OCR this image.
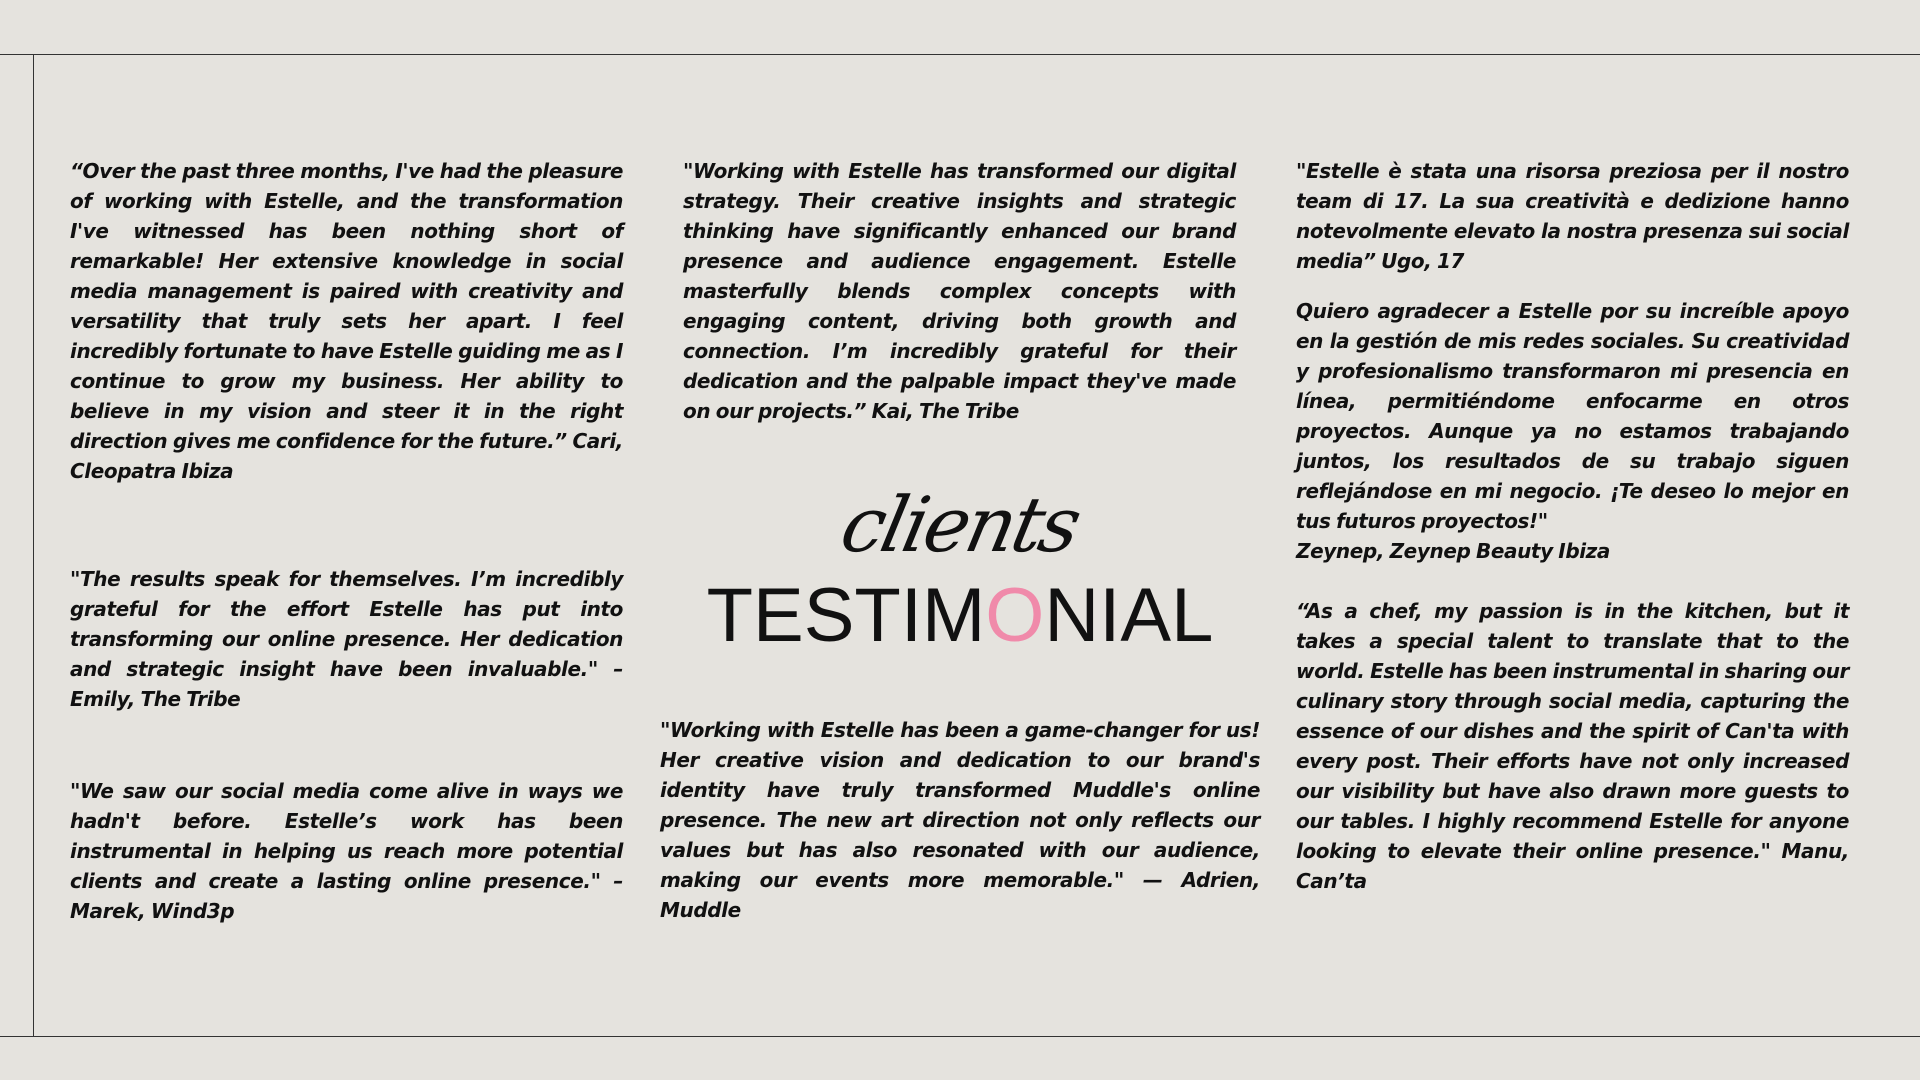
“Over the past three months, I've had the pleasure of working with Estelle, and the transformation I've witnessed has been nothing short of remarkable! Her extensive knowledge in social media management is paired with creativity and versatility that truly sets her apart. I feel incredibly fortunate to have Estelle guiding me as I continue to grow my business. Her ability to believe in my vision and steer it in the right direction gives me confidence for the future.” Cari, Cleopatra Ibiza

"The results speak for themselves. I’m incredibly grateful for the effort Estelle has put into transforming our online presence. Her dedication and strategic insight have been invaluable." – Emily, The Tribe

"We saw our social media come alive in ways we hadn't before. Estelle’s work has been instrumental in helping us reach more potential clients and create a lasting online presence." – Marek, Wind3p

"Working with Estelle has transformed our digital strategy. Their creative insights and strategic thinking have significantly enhanced our brand presence and audience engagement. Estelle masterfully blends complex concepts with engaging content, driving both growth and connection. I’m incredibly grateful for their dedication and the palpable impact they've made on our projects.” Kai, The Tribe

clients
TESTIMONIAL

"Working with Estelle has been a game-changer for us! Her creative vision and dedication to our brand's identity have truly transformed Muddle's online presence. The new art direction not only reflects our values but has also resonated with our audience, making our events more memorable." — Adrien, Muddle

"Estelle è stata una risorsa preziosa per il nostro team di 17. La sua creatività e dedizione hanno notevolmente elevato la nostra presenza sui social media” Ugo, 17

Quiero agradecer a Estelle por su increíble apoyo en la gestión de mis redes sociales. Su creatividad y profesionalismo transformaron mi presencia en línea, permitiéndome enfocarme en otros proyectos. Aunque ya no estamos trabajando juntos, los resultados de su trabajo siguen reflejándose en mi negocio. ¡Te deseo lo mejor en tus futuros proyectos!"
Zeynep, Zeynep Beauty Ibiza

“As a chef, my passion is in the kitchen, but it takes a special talent to translate that to the world. Estelle has been instrumental in sharing our culinary story through social media, capturing the essence of our dishes and the spirit of Can'ta with every post. Their efforts have not only increased our visibility but have also drawn more guests to our tables. I highly recommend Estelle for anyone looking to elevate their online presence." Manu, Can’ta
